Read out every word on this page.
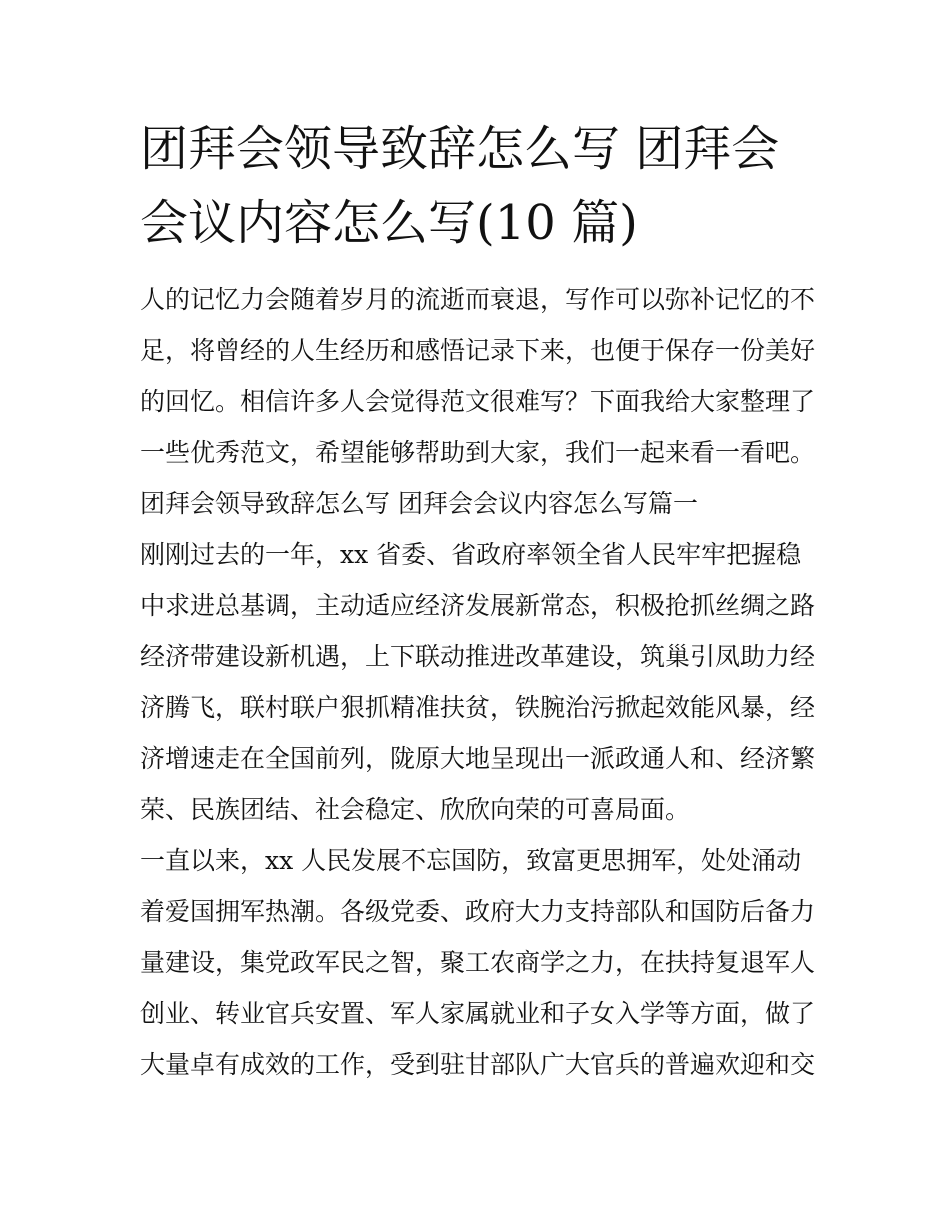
团拜会领导致辞怎么写 团拜会
会议内容怎么写(10 篇)
人的记忆力会随着岁月的流逝而衰退，写作可以弥补记忆的不
足，将曾经的人生经历和感悟记录下来，也便于保存一份美好
的回忆。相信许多人会觉得范文很难写？下面我给大家整理了
一些优秀范文，希望能够帮助到大家，我们一起来看一看吧。
团拜会领导致辞怎么写 团拜会会议内容怎么写篇一
刚刚过去的一年，xx 省委、省政府率领全省人民牢牢把握稳
中求进总基调，主动适应经济发展新常态，积极抢抓丝绸之路
经济带建设新机遇，上下联动推进改革建设，筑巢引凤助力经
济腾飞，联村联户狠抓精准扶贫，铁腕治污掀起效能风暴，经
济增速走在全国前列，陇原大地呈现出一派政通人和、经济繁
荣、民族团结、社会稳定、欣欣向荣的可喜局面。
一直以来，xx 人民发展不忘国防，致富更思拥军，处处涌动
着爱国拥军热潮。各级党委、政府大力支持部队和国防后备力
量建设，集党政军民之智，聚工农商学之力，在扶持复退军人
创业、转业官兵安置、军人家属就业和子女入学等方面，做了
大量卓有成效的工作，受到驻甘部队广大官兵的普遍欢迎和交
